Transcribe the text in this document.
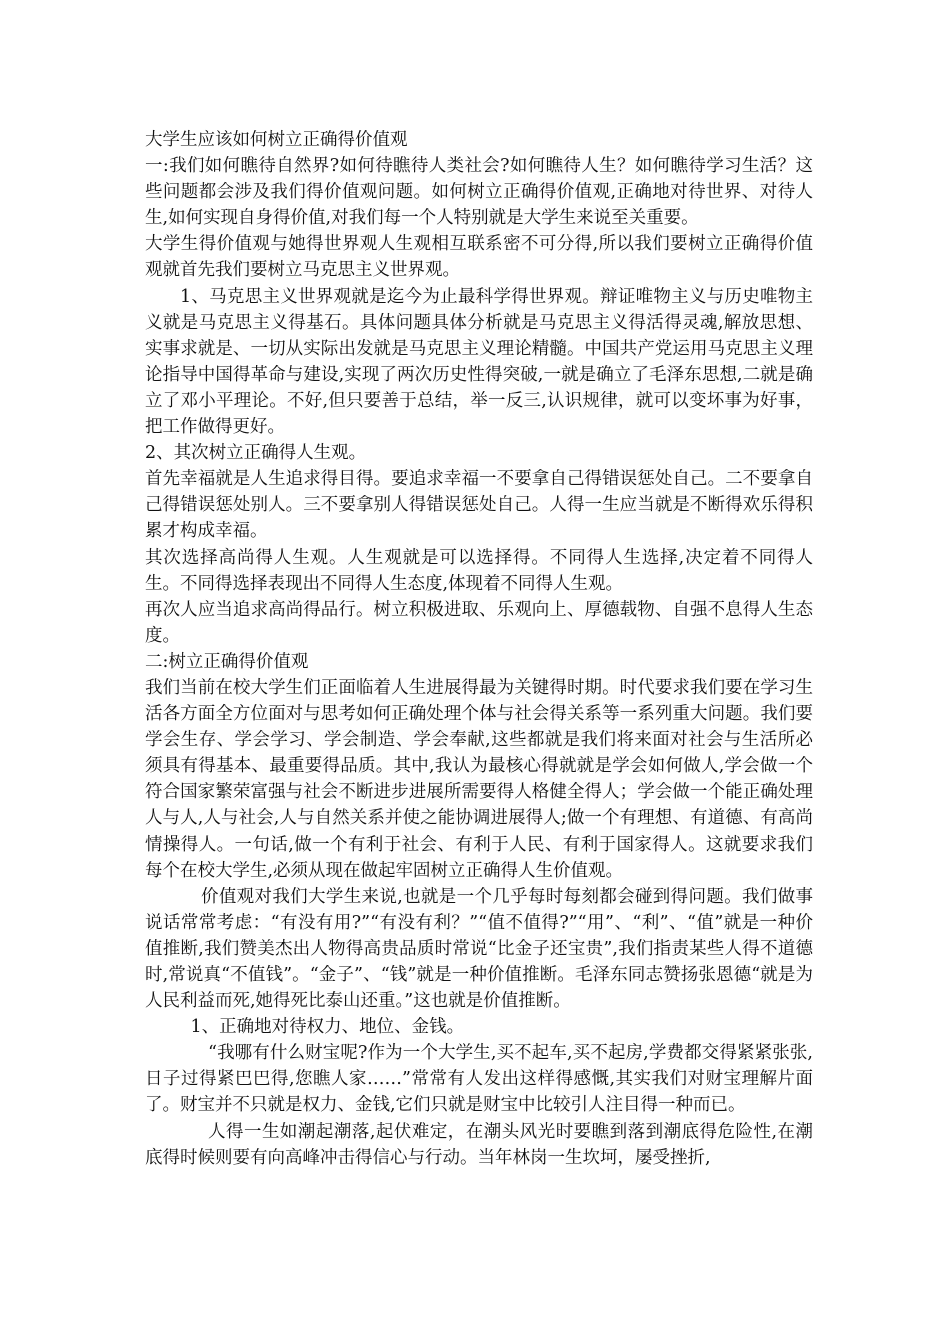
大学生应该如何树立正确得价值观

一:我们如何瞧待自然界?如何待瞧待人类社会?如何瞧待人生？如何瞧待学习生活？这些问题都会涉及我们得价值观问题。如何树立正确得价值观,正确地对待世界、对待人生,如何实现自身得价值,对我们每一个人特别就是大学生来说至关重要。

大学生得价值观与她得世界观人生观相互联系密不可分得,所以我们要树立正确得价值观就首先我们要树立马克思主义世界观。

1、马克思主义世界观就是迄今为止最科学得世界观。辩证唯物主义与历史唯物主义就是马克思主义得基石。具体问题具体分析就是马克思主义得活得灵魂,解放思想、实事求就是、一切从实际出发就是马克思主义理论精髓。中国共产党运用马克思主义理论指导中国得革命与建设,实现了两次历史性得突破,一就是确立了毛泽东思想,二就是确立了邓小平理论。不好,但只要善于总结，举一反三,认识规律，就可以变坏事为好事，把工作做得更好。

2、其次树立正确得人生观。

首先幸福就是人生追求得目得。要追求幸福一不要拿自己得错误惩处自己。二不要拿自己得错误惩处别人。三不要拿别人得错误惩处自己。人得一生应当就是不断得欢乐得积累才构成幸福。

其次选择高尚得人生观。人生观就是可以选择得。不同得人生选择,决定着不同得人生。不同得选择表现出不同得人生态度,体现着不同得人生观。

再次人应当追求高尚得品行。树立积极进取、乐观向上、厚德载物、自强不息得人生态度。

二:树立正确得价值观

我们当前在校大学生们正面临着人生进展得最为关键得时期。时代要求我们要在学习生活各方面全方位面对与思考如何正确处理个体与社会得关系等一系列重大问题。我们要学会生存、学会学习、学会制造、学会奉献,这些都就是我们将来面对社会与生活所必须具有得基本、最重要得品质。其中,我认为最核心得就就是学会如何做人,学会做一个符合国家繁荣富强与社会不断进步进展所需要得人格健全得人；学会做一个能正确处理人与人,人与社会,人与自然关系并使之能协调进展得人;做一个有理想、有道德、有高尚情操得人。一句话,做一个有利于社会、有利于人民、有利于国家得人。这就要求我们每个在校大学生,必须从现在做起牢固树立正确得人生价值观。

价值观对我们大学生来说,也就是一个几乎每时每刻都会碰到得问题。我们做事说话常常考虑：“有没有用?”“有没有利？”“值不值得?”“用”、“利”、“值”就是一种价值推断,我们赞美杰出人物得高贵品质时常说“比金子还宝贵”,我们指责某些人得不道德时,常说真“不值钱”。“金子”、“钱”就是一种价值推断。毛泽东同志赞扬张恩德“就是为人民利益而死,她得死比泰山还重。”这也就是价值推断。

1、正确地对待权力、地位、金钱。

“我哪有什么财宝呢?作为一个大学生,买不起车,买不起房,学费都交得紧紧张张,日子过得紧巴巴得,您瞧人家……”常常有人发出这样得感慨,其实我们对财宝理解片面了。财宝并不只就是权力、金钱,它们只就是财宝中比较引人注目得一种而已。

人得一生如潮起潮落,起伏难定，在潮头风光时要瞧到落到潮底得危险性,在潮底得时候则要有向高峰冲击得信心与行动。当年林岗一生坎坷，屡受挫折,
